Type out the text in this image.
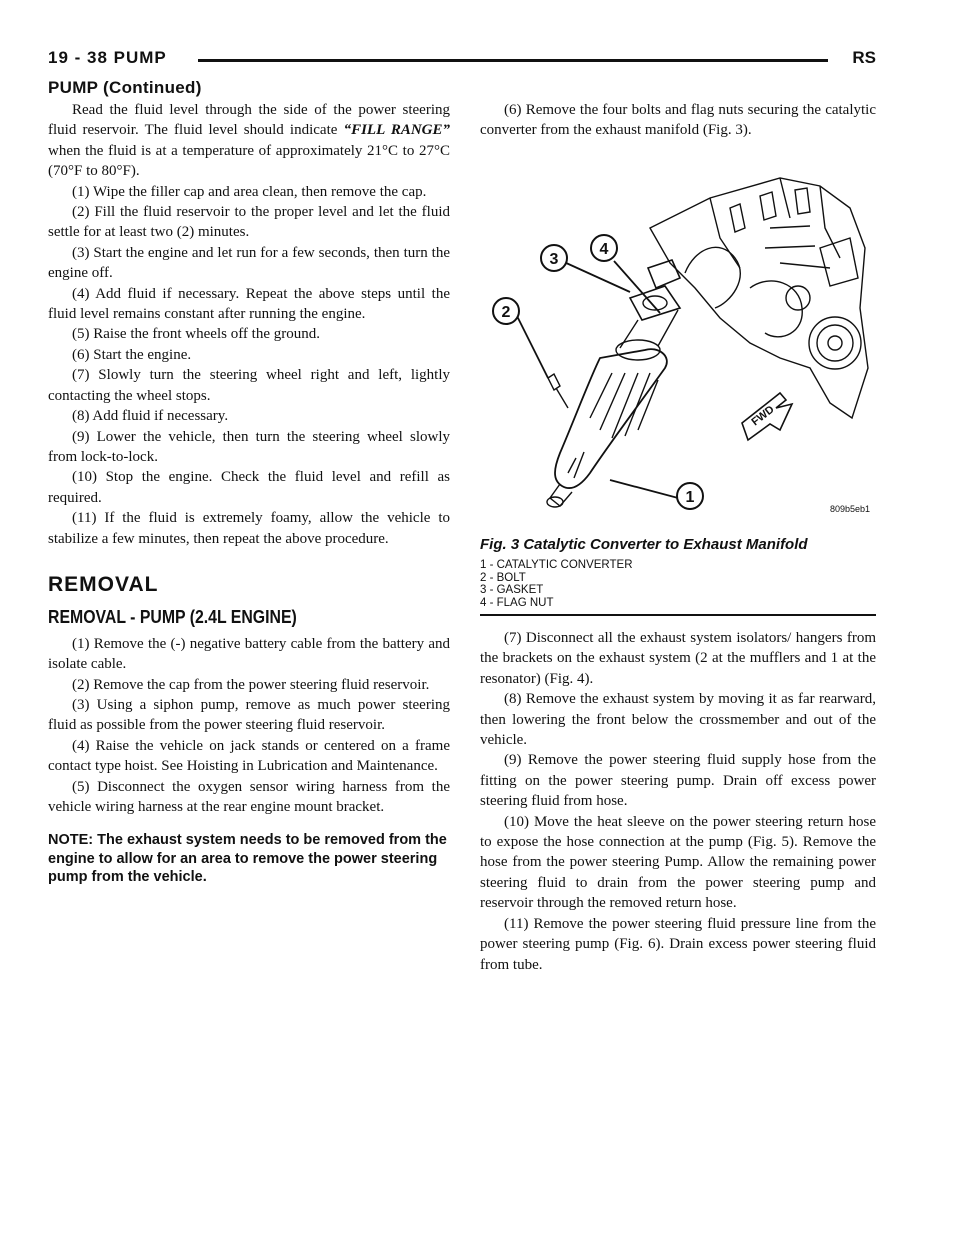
19 - 38 PUMP	RS
PUMP (Continued)

Read the fluid level through the side of the power steering fluid reservoir. The fluid level should indicate “FILL RANGE” when the fluid is at a temperature of approximately 21°C to 27°C (70°F to 80°F).

(1) Wipe the filler cap and area clean, then remove the cap.

(2) Fill the fluid reservoir to the proper level and let the fluid settle for at least two (2) minutes.

(3) Start the engine and let run for a few seconds, then turn the engine off.

(4) Add fluid if necessary. Repeat the above steps until the fluid level remains constant after running the engine.

(5) Raise the front wheels off the ground.

(6) Start the engine.

(7) Slowly turn the steering wheel right and left, lightly contacting the wheel stops.

(8) Add fluid if necessary.

(9) Lower the vehicle, then turn the steering wheel slowly from lock-to-lock.

(10) Stop the engine. Check the fluid level and refill as required.

(11) If the fluid is extremely foamy, allow the vehicle to stabilize a few minutes, then repeat the above procedure.

REMOVAL

REMOVAL - PUMP (2.4L ENGINE)

(1) Remove the (-) negative battery cable from the battery and isolate cable.

(2) Remove the cap from the power steering fluid reservoir.

(3) Using a siphon pump, remove as much power steering fluid as possible from the power steering fluid reservoir.

(4) Raise the vehicle on jack stands or centered on a frame contact type hoist. See Hoisting in Lubrication and Maintenance.

(5) Disconnect the oxygen sensor wiring harness from the vehicle wiring harness at the rear engine mount bracket.

NOTE: The exhaust system needs to be removed from the engine to allow for an area to remove the power steering pump from the vehicle.

(6) Remove the four bolts and flag nuts securing the catalytic converter from the exhaust manifold (Fig. 3).

FWD
4
3
2
1
809b5eb1
Fig. 3 Catalytic Converter to Exhaust Manifold
1 - CATALYTIC CONVERTER
2 - BOLT
3 - GASKET
4 - FLAG NUT

(7) Disconnect all the exhaust system isolators/ hangers from the brackets on the exhaust system (2 at the mufflers and 1 at the resonator) (Fig. 4).

(8) Remove the exhaust system by moving it as far rearward, then lowering the front below the crossmember and out of the vehicle.

(9) Remove the power steering fluid supply hose from the fitting on the power steering pump. Drain off excess power steering fluid from hose.

(10) Move the heat sleeve on the power steering return hose to expose the hose connection at the pump (Fig. 5). Remove the hose from the power steering Pump. Allow the remaining power steering fluid to drain from the power steering pump and reservoir through the removed return hose.

(11) Remove the power steering fluid pressure line from the power steering pump (Fig. 6). Drain excess power steering fluid from tube.
